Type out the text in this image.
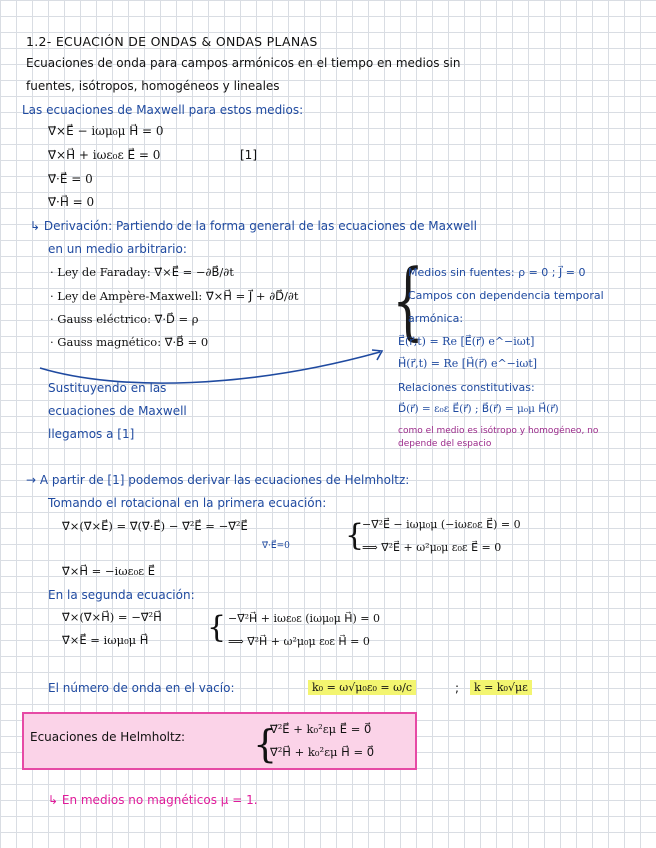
1.2- ECUACIÓN DE ONDAS & ONDAS PLANAS
Ecuaciones de onda para campos armónicos en el tiempo en medios sin
fuentes, isótropos, homogéneos y lineales
Las ecuaciones de Maxwell para estos medios:
∇⃗×E⃗ − iωμ₀μ H⃗ = 0
∇⃗×H⃗ + iωε₀ε E⃗ = 0	[1]
∇⃗·E⃗ = 0
∇⃗·H⃗ = 0
↳ Derivación: Partiendo de la forma general de las ecuaciones de Maxwell
en un medio arbitrario:
· Ley de Faraday: ∇⃗×E⃗ = −∂B⃗/∂t
· Ley de Ampère-Maxwell: ∇⃗×H⃗ = J⃗ + ∂D⃗/∂t
· Gauss eléctrico: ∇⃗·D⃗ = ρ
· Gauss magnético: ∇⃗·B⃗ = 0 {
Medios sin fuentes: ρ = 0 ; J⃗ = 0
Campos con dependencia temporal
armónica:
E⃗(r⃗,t) = Re [E⃗(r⃗) e^−iωt]
H⃗(r⃗,t) = Re [H⃗(r⃗) e^−iωt]
Relaciones constitutivas:
D⃗(r⃗) = ε₀ε E⃗(r⃗) ; B⃗(r⃗) = μ₀μ H⃗(r⃗)
como el medio es isótropo y homogéneo, no
depende del espacio
Sustituyendo en las
ecuaciones de Maxwell
llegamos a [1]
→ A partir de [1] podemos derivar las ecuaciones de Helmholtz:
Tomando el rotacional en la primera ecuación:
∇⃗×(∇⃗×E⃗) = ∇⃗(∇⃗·E⃗) − ∇⃗²E⃗ = −∇⃗²E⃗
∇⃗·E⃗=0 {
−∇⃗²E⃗ − iωμ₀μ (−iωε₀ε E⃗) = 0
⟹ ∇⃗²E⃗ + ω²μ₀μ ε₀ε E⃗ = 0
∇⃗×H⃗ = −iωε₀ε E⃗
En la segunda ecuación:
∇⃗×(∇⃗×H⃗) = −∇⃗²H⃗
∇⃗×E⃗ = iωμ₀μ H⃗ { −∇⃗²H⃗ + iωε₀ε (iωμ₀μ H⃗) = 0
⟹ ∇⃗²H⃗ + ω²μ₀μ ε₀ε H⃗ = 0
El número de onda en el vacío:	k₀ = ω√μ₀ε₀ = ω/c	;	k = k₀√με
Ecuaciones de Helmholtz: {
∇⃗²E⃗ + k₀²εμ E⃗ = 0⃗
∇⃗²H⃗ + k₀²εμ H⃗ = 0⃗
↳ En medios no magnéticos μ = 1.
